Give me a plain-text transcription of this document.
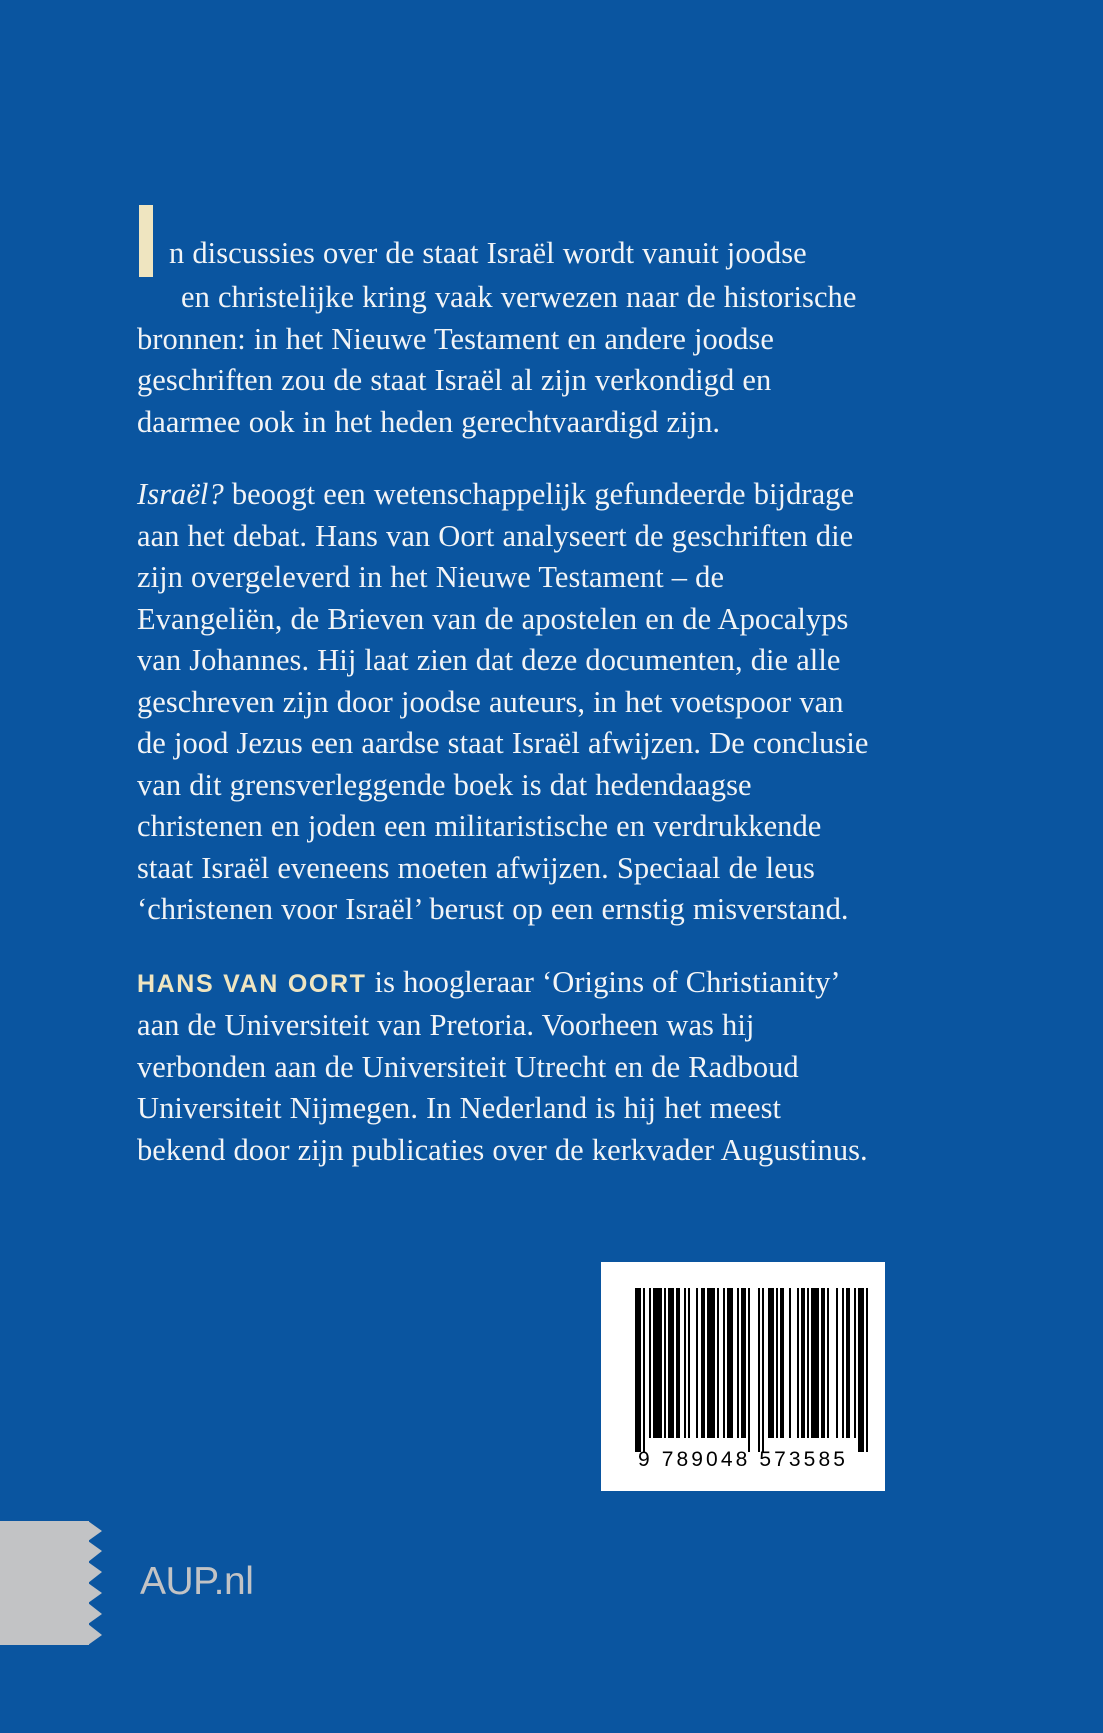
n discussies over de staat Israël wordt vanuit joodse
en christelijke kring vaak verwezen naar de historische
bronnen: in het Nieuwe Testament en andere joodse geschriften zou de staat Israël al zijn verkondigd en daarmee ook in het heden gerechtvaardigd zijn.

Israël? beoogt een wetenschappelijk gefundeerde bijdrage aan het debat. Hans van Oort analyseert de geschriften die zijn overgeleverd in het Nieuwe Testament – de Evangeliën, de Brieven van de apostelen en de Apocalyps van Johannes. Hij laat zien dat deze documenten, die alle geschreven zijn door joodse auteurs, in het voetspoor van de jood Jezus een aardse staat Israël afwijzen. De conclusie van dit grensverleggende boek is dat hedendaagse christenen en joden een militaristische en verdrukkende staat Israël eveneens moeten afwijzen. Speciaal de leus ‘christenen voor Israël’ berust op een ernstig misverstand.

HANS VAN OORT is hoogleraar ‘Origins of Christianity’ aan de Universiteit van Pretoria. Voorheen was hij verbonden aan de Universiteit Utrecht en de Radboud Universiteit Nijmegen. In Nederland is hij het meest bekend door zijn publicaties over de kerkvader Augustinus.

9 789048 573585
AUP.nl
